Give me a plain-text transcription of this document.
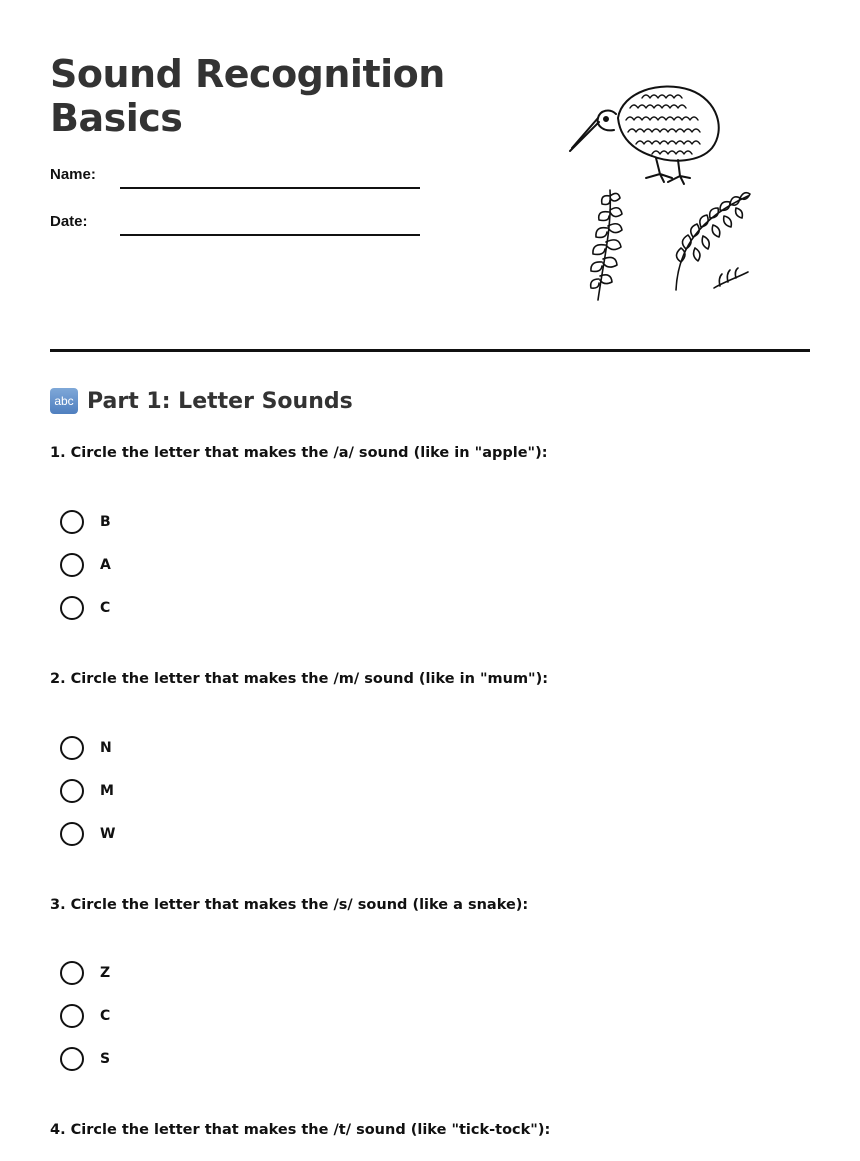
Sound Recognition Basics
Name:
Date:
abc Part 1: Letter Sounds
1. Circle the letter that makes the /a/ sound (like in "apple"):
B
A
C
2. Circle the letter that makes the /m/ sound (like in "mum"):
N
M
W
3. Circle the letter that makes the /s/ sound (like a snake):
Z
C
S
4. Circle the letter that makes the /t/ sound (like "tick-tock"):
